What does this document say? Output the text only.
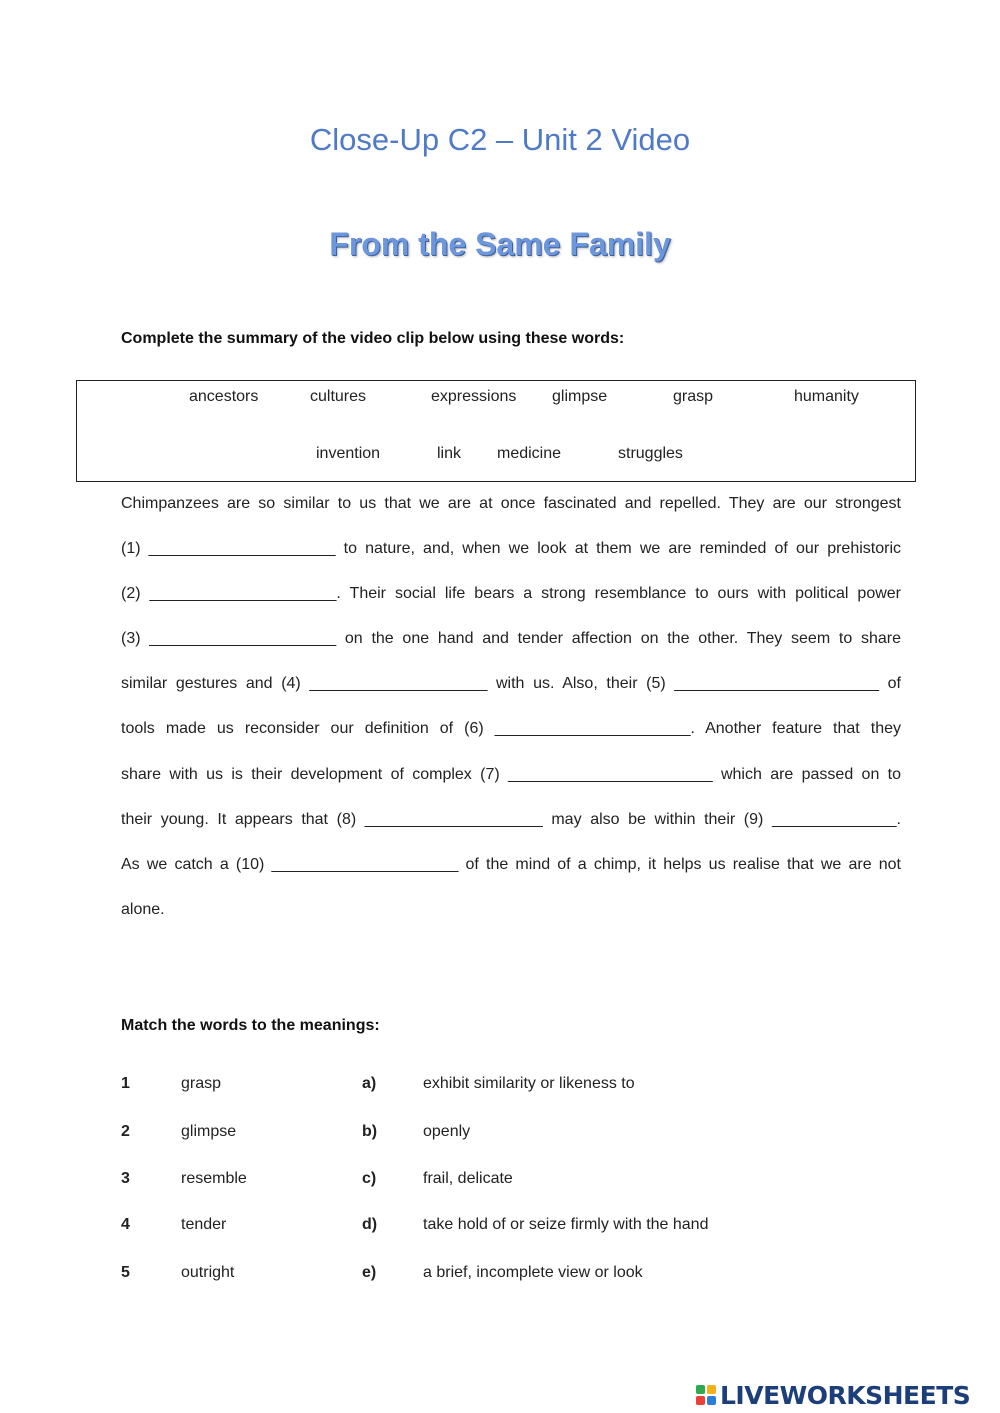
Close-Up C2 – Unit 2 Video
From the Same Family
Complete the summary of the video clip below using these words:
ancestors	cultures	expressions glimpse	grasp	humanity
invention	link medicine	struggles
Chimpanzees are so similar to us that we are at once fascinated and repelled. They are our strongest
(1) _____________________ to nature, and, when we look at them we are reminded of our prehistoric
(2) _____________________. Their social life bears a strong resemblance to ours with political power
(3) _____________________ on the one hand and tender affection on the other. They seem to share
similar gestures and (4) ____________________ with us. Also, their (5) _______________________ of
tools made us reconsider our definition of (6) ______________________. Another feature that they
share with us is their development of complex (7) _______________________ which are passed on to
their young. It appears that (8) ____________________ may also be within their (9) ______________.
As we catch a (10) _____________________ of the mind of a chimp, it helps us realise that we are not
alone.
Match the words to the meanings:
1	grasp	a)	exhibit similarity or likeness to
2	glimpse	b)	openly
3	resemble	c)	frail, delicate
4	tender	d)	take hold of or seize firmly with the hand
5	outright	e)	a brief, incomplete view or look
LIVEWORKSHEETS
